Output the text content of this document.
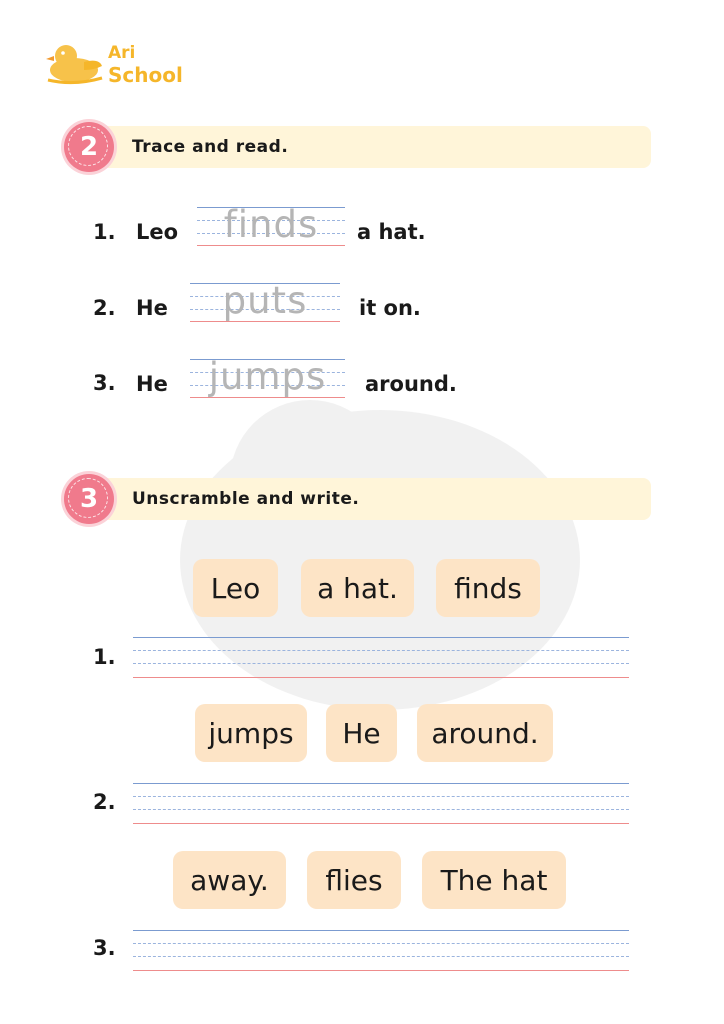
Ari
School
2 Trace and read.
1. Leo	finds	a hat.
2. He	puts	it on.
3. He	jumps	around.
3 Unscramble and write.
Leo	a hat.	finds
1.
jumps	He	around.
2.
away.	flies	The hat
3.
